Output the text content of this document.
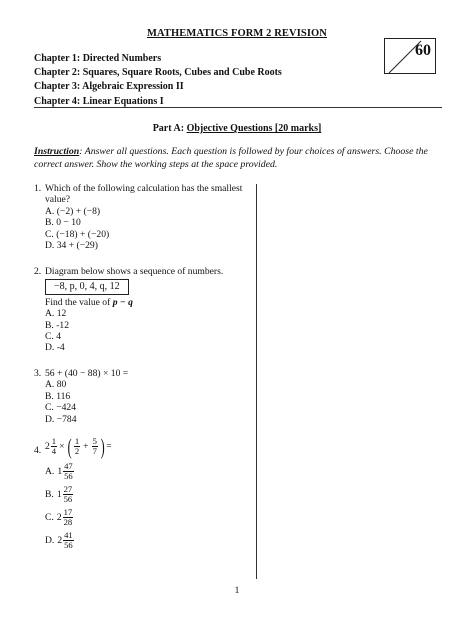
MATHEMATICS FORM 2 REVISION
Chapter 1: Directed Numbers
Chapter 2: Squares, Square Roots, Cubes and Cube Roots
Chapter 3: Algebraic Expression II
Chapter 4: Linear Equations I
60
Part A: Objective Questions [20 marks]
Instruction: Answer all questions. Each question is followed by four choices of answers. Choose the correct answer. Show the working steps at the space provided.
1. Which of the following calculation has the smallest value?
A. (−2) + (−8)
B. 0 − 10
C. (−18) + (−20)
D. 34 + (−29)
2. Diagram below shows a sequence of numbers.
−8, p, 0, 4, q, 12
Find the value of p − q
A. 12
B. -12
C. 4
D. -4
3. 56 + (40 − 88) × 10 =
A. 80
B. 116
C. −424
D. −784
4. $2 \frac{1}{4}$ × ( $\frac{1}{2} + \frac{5}{7}$ ) =
A. $1 \frac{47}{56}$
B. $1 \frac{27}{56}$
C. $2 \frac{17}{28}$
D. $2 \frac{41}{56}$
1
